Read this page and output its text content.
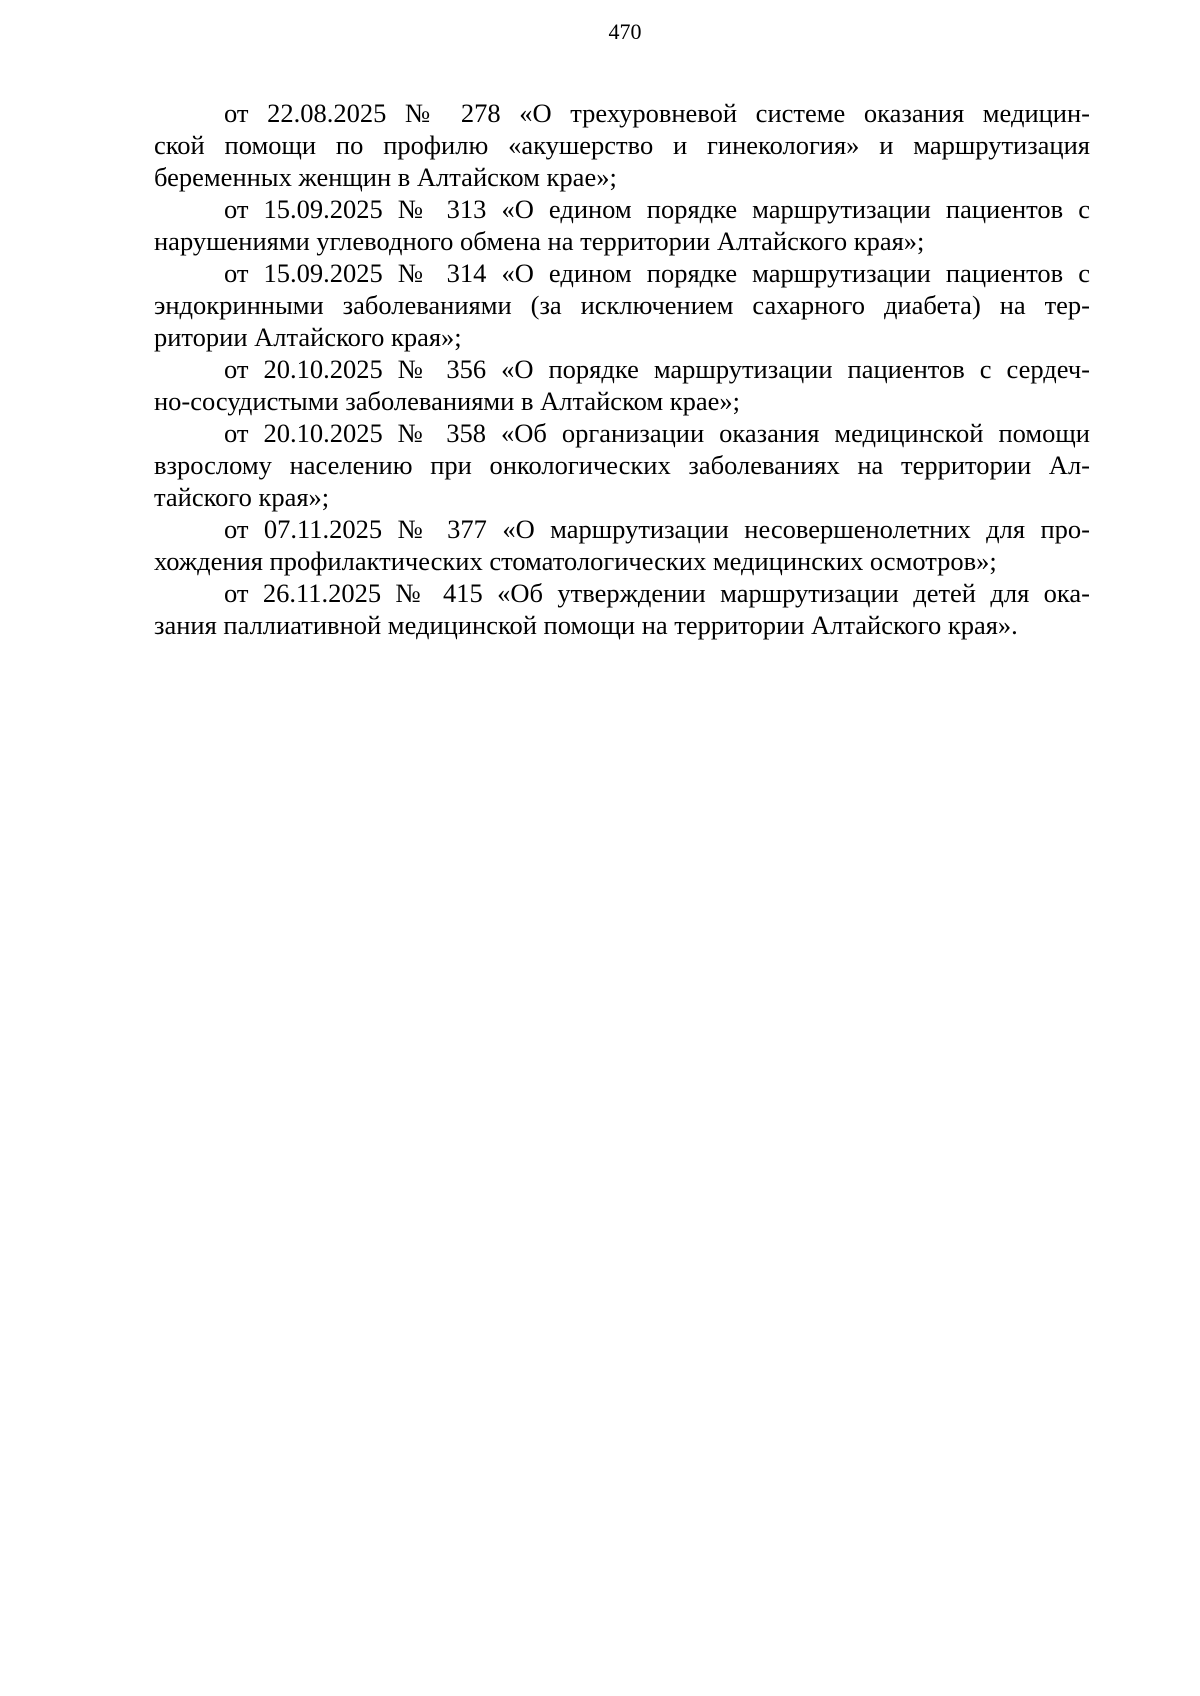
470

от 22.08.2025 № 278 «О трехуровневой системе оказания медицин-
ской помощи по профилю «акушерство и гинекология» и маршрутизация
беременных женщин в Алтайском крае»;

от 15.09.2025 № 313 «О едином порядке маршрутизации пациентов с
нарушениями углеводного обмена на территории Алтайского края»;

от 15.09.2025 № 314 «О едином порядке маршрутизации пациентов с
эндокринными заболеваниями (за исключением сахарного диабета) на тер-
ритории Алтайского края»;

от 20.10.2025 № 356 «О порядке маршрутизации пациентов с сердеч-
но-сосудистыми заболеваниями в Алтайском крае»;

от 20.10.2025 № 358 «Об организации оказания медицинской помощи
взрослому населению при онкологических заболеваниях на территории Ал-
тайского края»;

от 07.11.2025 № 377 «О маршрутизации несовершенолетних для про-
хождения профилактических стоматологических медицинских осмотров»;

от 26.11.2025 № 415 «Об утверждении маршрутизации детей для ока-
зания паллиативной медицинской помощи на территории Алтайского края».
